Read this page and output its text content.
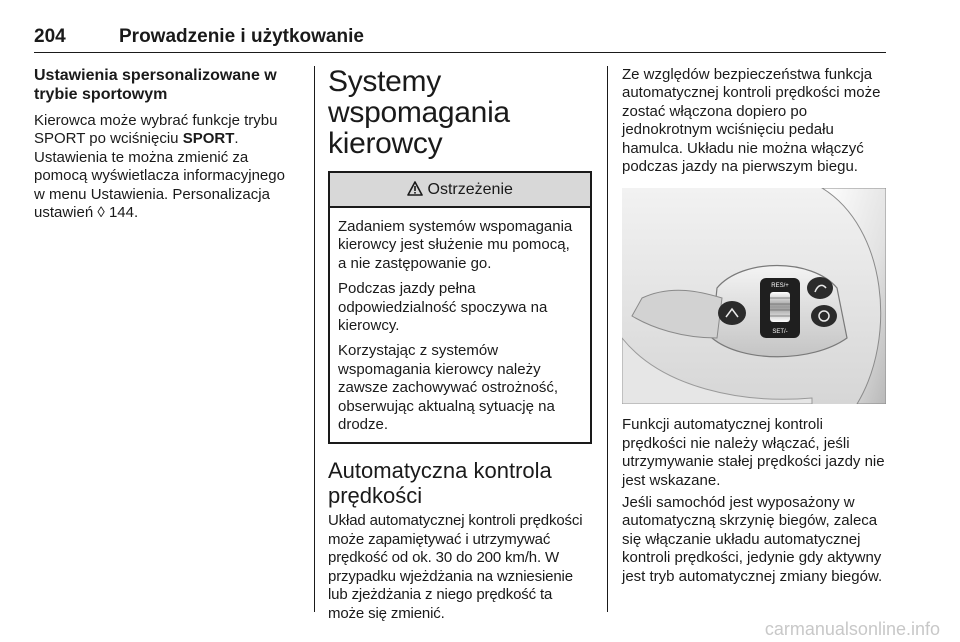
204	Prowadzenie i użytkowanie
Ustawienia spersonalizowane w trybie sportowym

Kierowca może wybrać funkcje trybu SPORT po wciśnięciu SPORT. Ustawienia te można zmienić za pomocą wyświetlacza informacyjnego w menu Ustawienia. Personalizacja ustawień ◊ 144.

Systemy wspomagania kierowcy
Ostrzeżenie

Zadaniem systemów wspomagania kierowcy jest służenie mu pomocą, a nie zastępowanie go.

Podczas jazdy pełna odpowiedzialność spoczywa na kierowcy.

Korzystając z systemów wspomagania kierowcy należy zawsze zachowywać ostrożność, obserwując aktualną sytuację na drodze.

Automatyczna kontrola prędkości

Układ automatycznej kontroli prędkości może zapamiętywać i utrzymywać prędkość od ok. 30 do 200 km/h. W przypadku wjeżdżania na wzniesienie lub zjeżdżania z niego prędkość ta może się zmienić.

Ze względów bezpieczeństwa funkcja automatycznej kontroli prędkości może zostać włączona dopiero po jednokrotnym wciśnięciu pedału hamulca. Układu nie można włączyć podczas jazdy na pierwszym biegu.

RES/+
SET/-

Funkcji automatycznej kontroli prędkości nie należy włączać, jeśli utrzymywanie stałej prędkości jazdy nie jest wskazane.

Jeśli samochód jest wyposażony w automatyczną skrzynię biegów, zaleca się włączanie układu automatycznej kontroli prędkości, jedynie gdy aktywny jest tryb automatycznej zmiany biegów.

carmanualsonline.info
